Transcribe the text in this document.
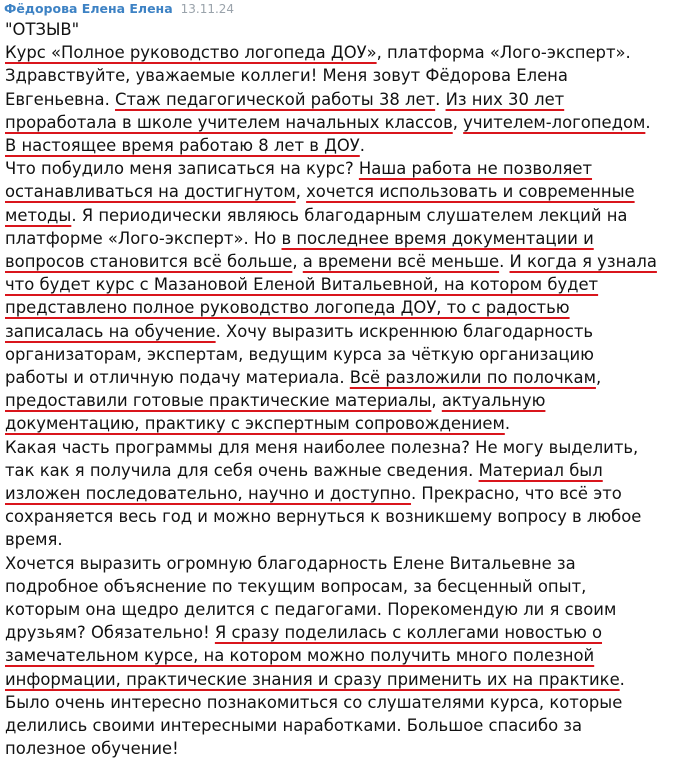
Фёдорова Елена Елена 13.11.24
"ОТЗЫВ"
Курс «Полное руководство логопеда ДОУ», платформа «Лого-эксперт».
Здравствуйте, уважаемые коллеги! Меня зовут Фёдорова Елена
Евгеньевна. Стаж педагогической работы 38 лет. Из них 30 лет
проработала в школе учителем начальных классов, учителем-логопедом.
В настоящее время работаю 8 лет в ДОУ.
Что побудило меня записаться на курс? Наша работа не позволяет
останавливаться на достигнутом, хочется использовать и современные
методы. Я периодически являюсь благодарным слушателем лекций на
платформе «Лого-эксперт». Но в последнее время документации и
вопросов становится всё больше, а времени всё меньше. И когда я узнала
что будет курс с Мазановой Еленой Витальевной, на котором будет
представлено полное руководство логопеда ДОУ, то с радостью
записалась на обучение. Хочу выразить искреннюю благодарность
организаторам, экспертам, ведущим курса за чёткую организацию
работы и отличную подачу материала. Всё разложили по полочкам,
предоставили готовые практические материалы, актуальную
документацию, практику с экспертным сопровождением.
Какая часть программы для меня наиболее полезна? Не могу выделить,
так как я получила для себя очень важные сведения. Материал был
изложен последовательно, научно и доступно. Прекрасно, что всё это
сохраняется весь год и можно вернуться к возникшему вопросу в любое
время.
Хочется выразить огромную благодарность Елене Витальевне за
подробное объяснение по текущим вопросам, за бесценный опыт,
которым она щедро делится с педагогами. Порекомендую ли я своим
друзьям? Обязательно! Я сразу поделилась с коллегами новостью о
замечательном курсе, на котором можно получить много полезной
информации, практические знания и сразу применить их на практике.
Было очень интересно познакомиться со слушателями курса, которые
делились своими интересными наработками. Большое спасибо за
полезное обучение!
